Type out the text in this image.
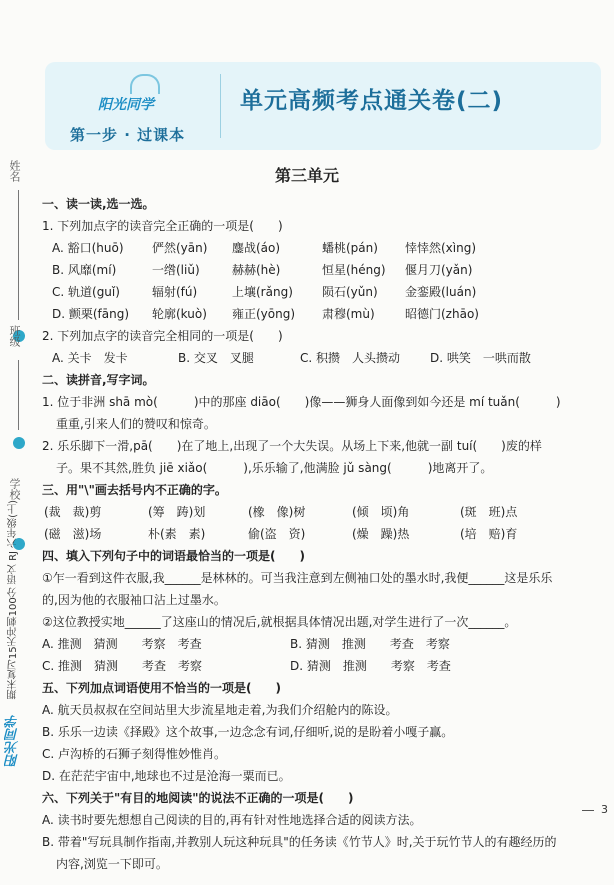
姓名
班级
学校
期末复习15天冲刺100分 语文 RJ 六年级(上)
阳光同学
阳光同学
第一步 · 过课本
单元高频考点通关卷(二)
第三单元
一、读一读,选一选。
1. 下列加点字的读音完全正确的一项是(　　)
A. 豁口(huō) 俨然(yān) 鏖战(áo)	蟠桃(pán) 悻悻然(xìng)
B. 风靡(mí)	一绺(liǔ)	赫赫(hè)	恒星(héng) 偃月刀(yǎn)
C. 轨道(guǐ)	辐射(fú)	上壤(rǎng) 陨石(yǔn) 金銮殿(luán)
D. 颤栗(fāng) 轮廓(kuò) 雍正(yōng) 肃穆(mù)	昭德门(zhāo)
2. 下列加点字的读音完全相同的一项是(　　)
A. 关卡　发卡	B. 交叉　叉腿	C. 积攒　人头攒动 D. 哄笑　一哄而散
二、读拼音,写字词。
1. 位于非洲 shā mò(　　　)中的那座 diāo(　　)像——狮身人面像到如今还是 mí tuǎn(　　　)
重重,引来人们的赞叹和惊奇。
2. 乐乐脚下一滑,pā(　　)在了地上,出现了一个大失误。从场上下来,他就一副 tuí(　　)废的样
子。果不其然,胜负 jiē xiǎo(　　　),乐乐输了,他满脸 jǔ sàng(　　　)地离开了。
三、用"\"画去括号内不正确的字。
(裁　裁)剪	(筹　踌)划	(橡　像)树	(倾　顷)角	(斑　班)点
(磁　滋)场	朴(素　素)	偷(盗　资)	(燥　躁)热	(培　赔)育
四、填入下列句子中的词语最恰当的一项是(　　)
①乍一看到这件衣服,我______是林林的。可当我注意到左侧袖口处的墨水时,我便______这是乐乐
的,因为他的衣服袖口沾上过墨水。
②这位教授实地______了这座山的情况后,就根据具体情况出题,对学生进行了一次______。
A. 推测　猜测　　考察　考查	B. 猜测　推测　　考查　考察
C. 推测　猜测　　考查　考察	D. 猜测　推测　　考察　考查
五、下列加点词语使用不恰当的一项是(　　)
A. 航天员叔叔在空间站里大步流星地走着,为我们介绍舱内的陈设。
B. 乐乐一边读《择殿》这个故事,一边念念有词,仔细听,说的是盼着小嘎子赢。
C. 卢沟桥的石狮子刻得惟妙惟肖。
D. 在茫茫宇宙中,地球也不过是沧海一粟而已。
六、下列关于"有目的地阅读"的说法不正确的一项是(　　)
A. 读书时要先想想自己阅读的目的,再有针对性地选择合适的阅读方法。
B. 带着"写玩具制作指南,并教别人玩这种玩具"的任务读《竹节人》时,关于玩竹节人的有趣经历的
内容,浏览一下即可。
3
